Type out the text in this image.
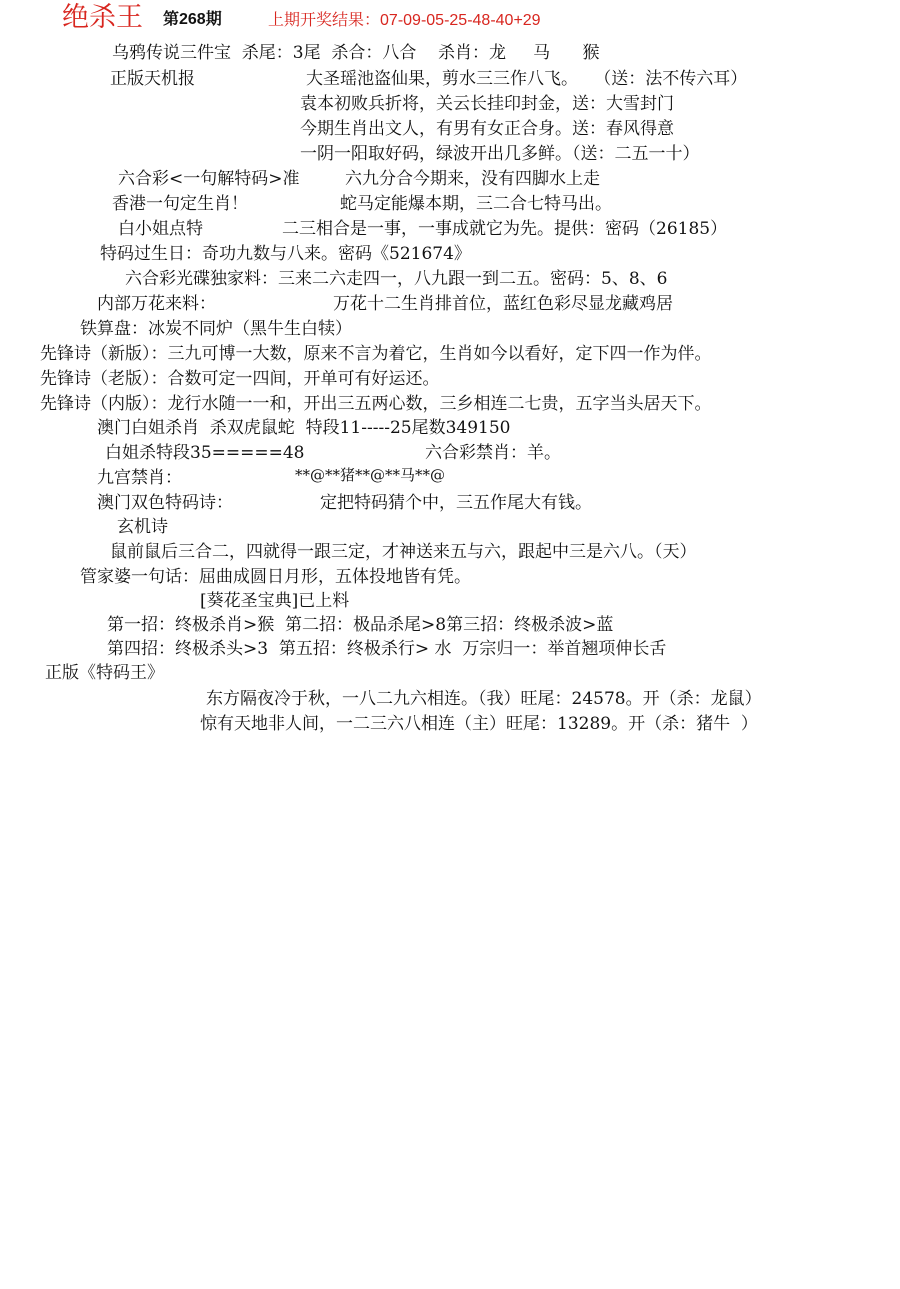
绝杀王 第268期	上期开奖结果：07-09-05-25-48-40+29
乌鸦传说三件宝  杀尾：3尾  杀合：八合    杀肖：龙     马      猴
正版天机报	大圣瑶池盗仙果，剪水三三作八飞。   （送：法不传六耳）
袁本初败兵折将，关云长挂印封金，送：大雪封门
今期生肖出文人，有男有女正合身。送：春风得意
一阴一阳取好码，绿波开出几多鲜。（送：二五一十）
六合彩<一句解特码>准	六九分合今期来，没有四脚水上走
香港一句定生肖！	蛇马定能爆本期，三二合七特马出。
白小姐点特	二三相合是一事，一事成就它为先。提供：密码（26185）
特码过生日：奇功九数与八来。密码《521674》
六合彩光碟独家料：三来二六走四一，八九跟一到二五。密码：5、8、6
内部万花来料：	万花十二生肖排首位，蓝红色彩尽显龙藏鸡居
铁算盘：冰炭不同炉（黑牛生白犊）
先锋诗（新版）：三九可博一大数，原来不言为着它，生肖如今以看好，定下四一作为伴。
先锋诗（老版）：合数可定一四间，开单可有好运还。
先锋诗（内版）：龙行水随一一和，开出三五两心数，三乡相连二七贵，五字当头居天下。
澳门白姐杀肖  杀双虎鼠蛇  特段11-----25尾数349150
白姐杀特段35=====48	六合彩禁肖：羊。
九宫禁肖：	**@**猪**@**马**@
澳门双色特码诗：	定把特码猜个中，三五作尾大有钱。
玄机诗
鼠前鼠后三合二，四就得一跟三定，才神送来五与六，跟起中三是六八。（天）
管家婆一句话：屈曲成圆日月形，五体投地皆有凭。
[葵花圣宝典]已上料
第一招：终极杀肖>猴  第二招：极品杀尾>8第三招：终极杀波>蓝
第四招：终极杀头>3  第五招：终极杀行> 水  万宗归一：举首翘项伸长舌
正版《特码王》
东方隔夜冷于秋，一八二九六相连。（我）旺尾：24578。开（杀：龙鼠）
惊有天地非人间，一二三六八相连（主）旺尾：13289。开（杀：猪牛  ）
